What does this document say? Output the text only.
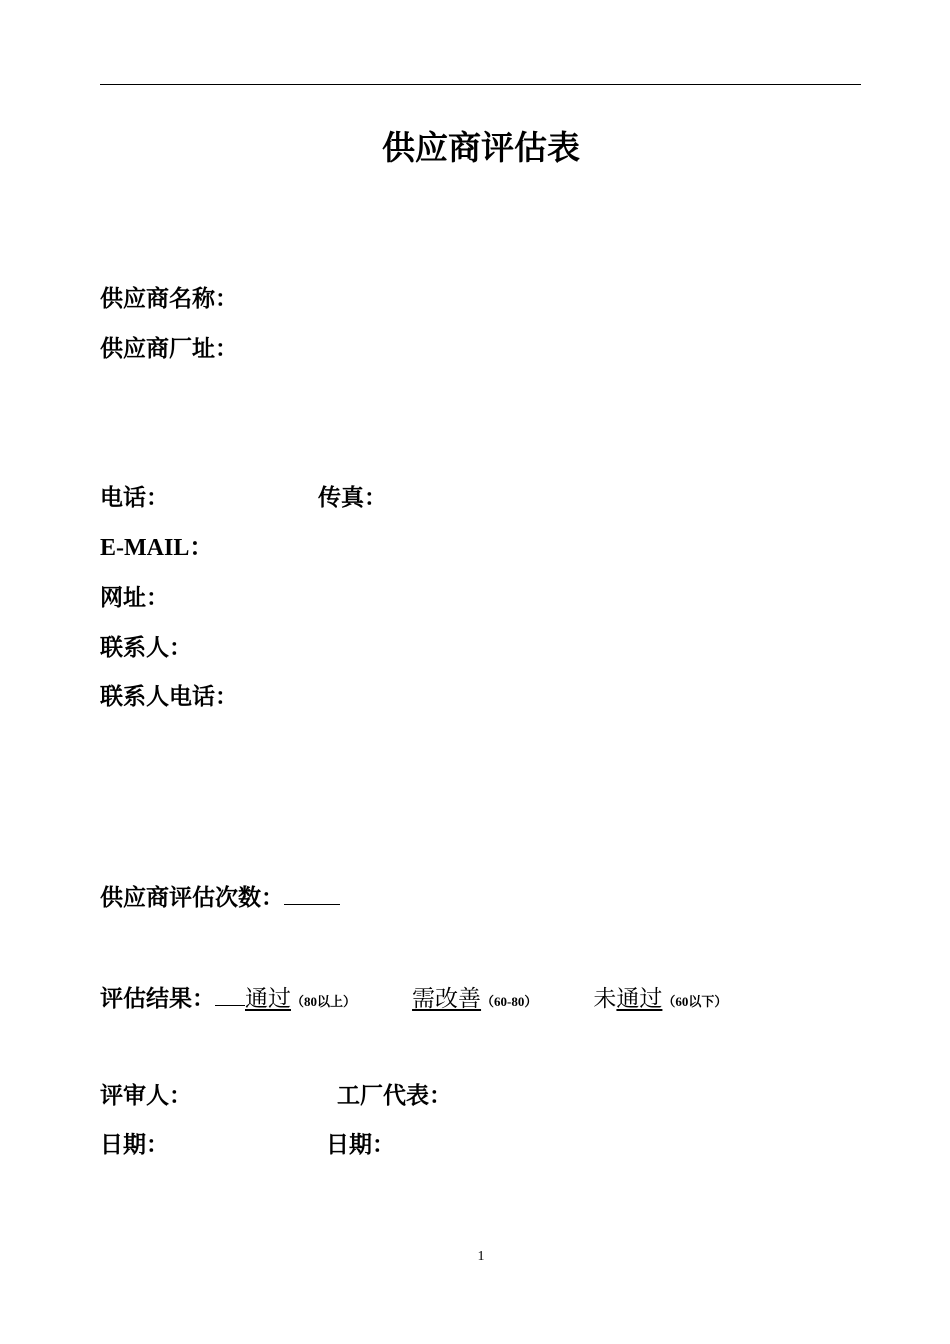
供应商评估表
供应商名称：
供应商厂址：
电话：	传真：
E-MAIL：
网址：
联系人：
联系人电话：
供应商评估次数：
评估结果： 通过（80以上） 需改善（60-80） 未通过（60以下）
评审人：	工厂代表：
日期：	日期：
1
